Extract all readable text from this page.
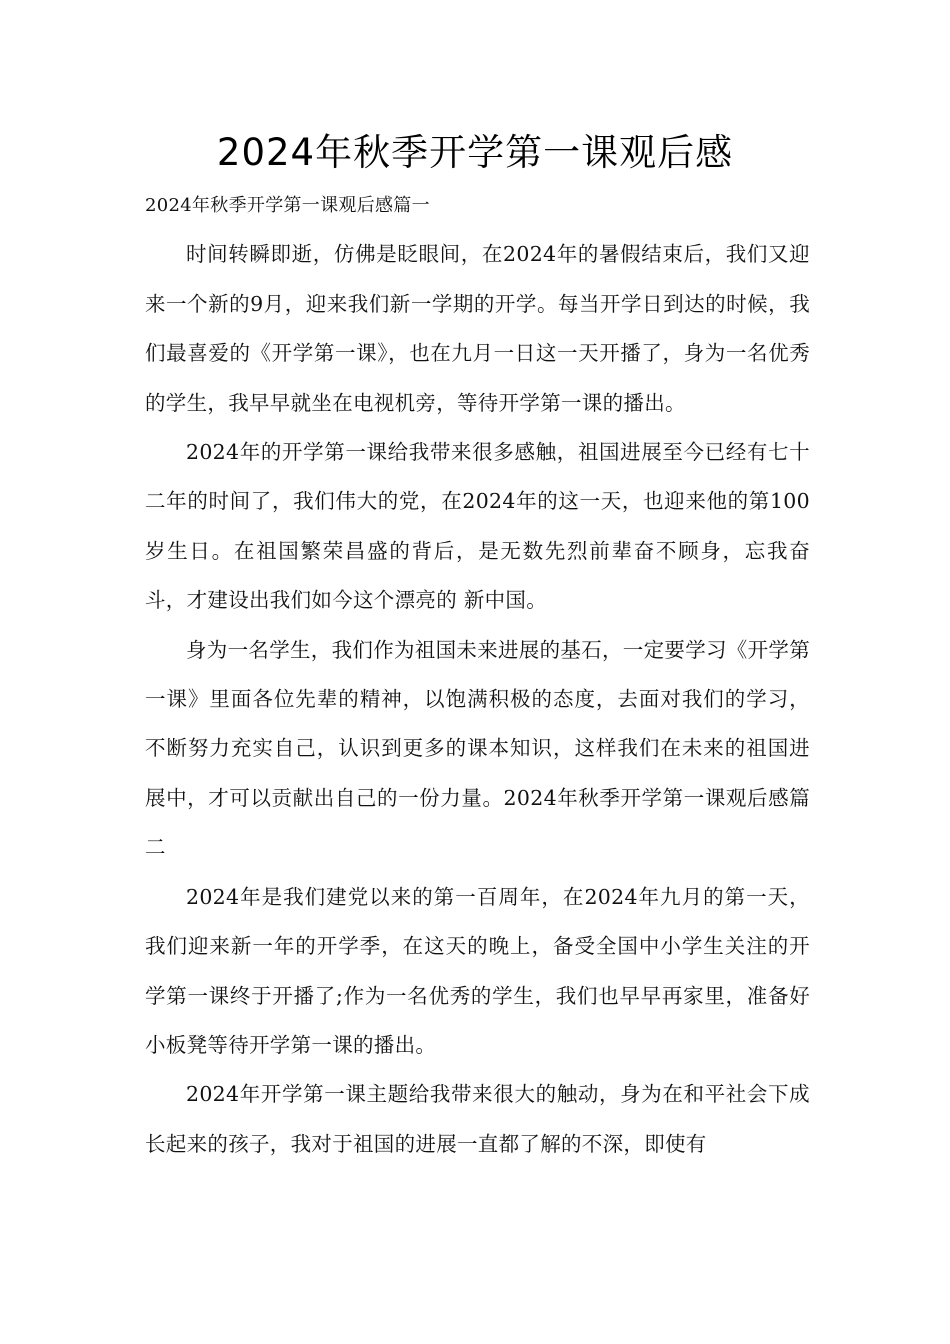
2024年秋季开学第一课观后感

2024年秋季开学第一课观后感篇一

时间转瞬即逝，仿佛是眨眼间，在2024年的暑假结束后，我们又迎来一个新的9月，迎来我们新一学期的开学。每当开学日到达的时候，我们最喜爱的《开学第一课》，也在九月一日这一天开播了，身为一名优秀的学生，我早早就坐在电视机旁，等待开学第一课的播出。

2024年的开学第一课给我带来很多感触，祖国进展至今已经有七十二年的时间了，我们伟大的党，在2024年的这一天，也迎来他的第100岁生日。在祖国繁荣昌盛的背后，是无数先烈前辈奋不顾身，忘我奋斗，才建设出我们如今这个漂亮的 新中国。

身为一名学生，我们作为祖国未来进展的基石，一定要学习《开学第一课》里面各位先辈的精神，以饱满积极的态度，去面对我们的学习，不断努力充实自己，认识到更多的课本知识，这样我们在未来的祖国进展中，才可以贡献出自己的一份力量。2024年秋季开学第一课观后感篇二

2024年是我们建党以来的第一百周年，在2024年九月的第一天，我们迎来新一年的开学季，在这天的晚上，备受全国中小学生关注的开学第一课终于开播了;作为一名优秀的学生，我们也早早再家里，准备好小板凳等待开学第一课的播出。

2024年开学第一课主题给我带来很大的触动，身为在和平社会下成长起来的孩子，我对于祖国的进展一直都了解的不深，即使有
